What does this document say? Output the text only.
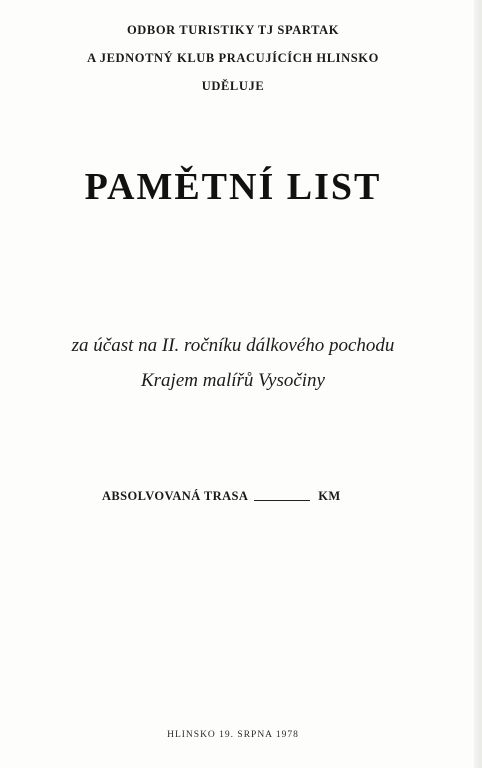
ODBOR TURISTIKY TJ SPARTAK
A JEDNOTNÝ KLUB PRACUJÍCÍCH HLINSKO
UDĚLUJE
PAMĚTNÍ LIST
za účast na II. ročníku dálkového pochodu
Krajem malířů Vysočiny
ABSOLVOVANÁ TRASA	KM
HLINSKO 19. SRPNA 1978
